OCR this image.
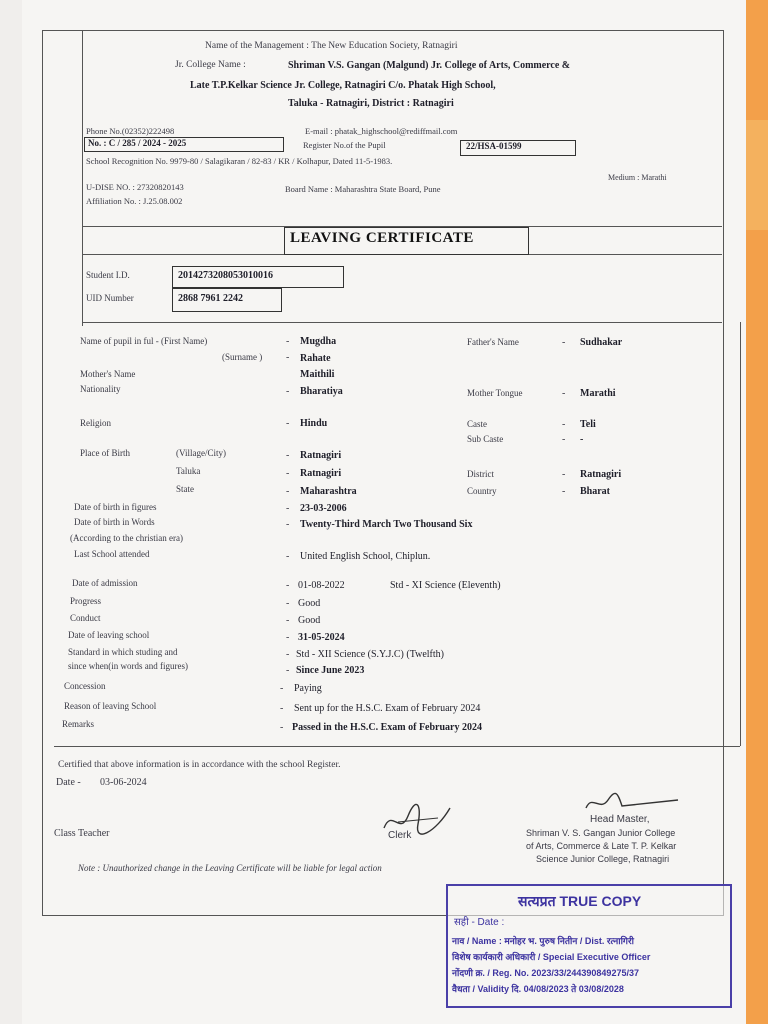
Name of the Management : The New Education Society, Ratnagiri
Jr. College Name :	Shriman V.S. Gangan (Malgund) Jr. College of Arts, Commerce &
Late T.P.Kelkar Science Jr. College, Ratnagiri C/o. Phatak High School,
Taluka - Ratnagiri, District : Ratnagiri
Phone No.(02352)222498	E-mail : phatak_highschool@rediffmail.com
No. : C / 285 / 2024 - 2025	Register No.of the Pupil	22/HSA-01599
School Recognition No. 9979-80 / Salagikaran / 82-83 / KR / Kolhapur, Dated 11-5-1983.
Medium : Marathi
U-DISE NO. : 27320820143	Board Name : Maharashtra State Board, Pune
Affiliation No. : J.25.08.002
LEAVING CERTIFICATE
Student I.D.	2014273208053010016
UID Number	2868 7961 2242
Name of pupil in ful - (First Name)	- Mugdha
(Surname ) - Rahate
Father's Name	- Sudhakar
Mother's Name	Maithili
Nationality	- Bharatiya	Mother Tongue	- Marathi
Religion	- Hindu	Caste	- Teli
Sub Caste	- -
Place of Birth	(Village/City)	- Ratnagiri
Taluka	- Ratnagiri	District	- Ratnagiri
State	- Maharashtra	Country	- Bharat
Date of birth in figures	- 23-03-2006
Date of birth in Words	- Twenty-Third March Two Thousand Six
(According to the christian era)
Last School attended	- United English School, Chiplun.
Date of admission	- 01-08-2022	Std - XI Science (Eleventh)
Progress	- Good
Conduct	- Good
Date of leaving school	- 31-05-2024
Standard in which studing and	- Std - XII Science (S.Y.J.C) (Twelfth)
since when(in words and figures)	- Since June 2023
Concession	- Paying
Reason of leaving School	- Sent up for the H.S.C. Exam of February 2024
Remarks	- Passed in the H.S.C. Exam of February 2024
Certified that above information is in accordance with the school Register.
Date - 03-06-2024
Clerk
Head Master,
Shriman V. S. Gangan Junior College
of Arts, Commerce & Late T. P. Kelkar
Science Junior College, Ratnagiri
Class Teacher
Note : Unauthorized change in the Leaving Certificate will be liable for legal action
सत्यप्रत TRUE COPY
सही - Date :
नाव / Name : मनोहर भ. पुरुष नितीन / Dist. रत्नागिरी
विशेष कार्यकारी अधिकारी / Special Executive Officer
नोंदणी क्र. / Reg. No. 2023/33/244390849275/37
वैधता / Validity दि. 04/08/2023 ते 03/08/2028
